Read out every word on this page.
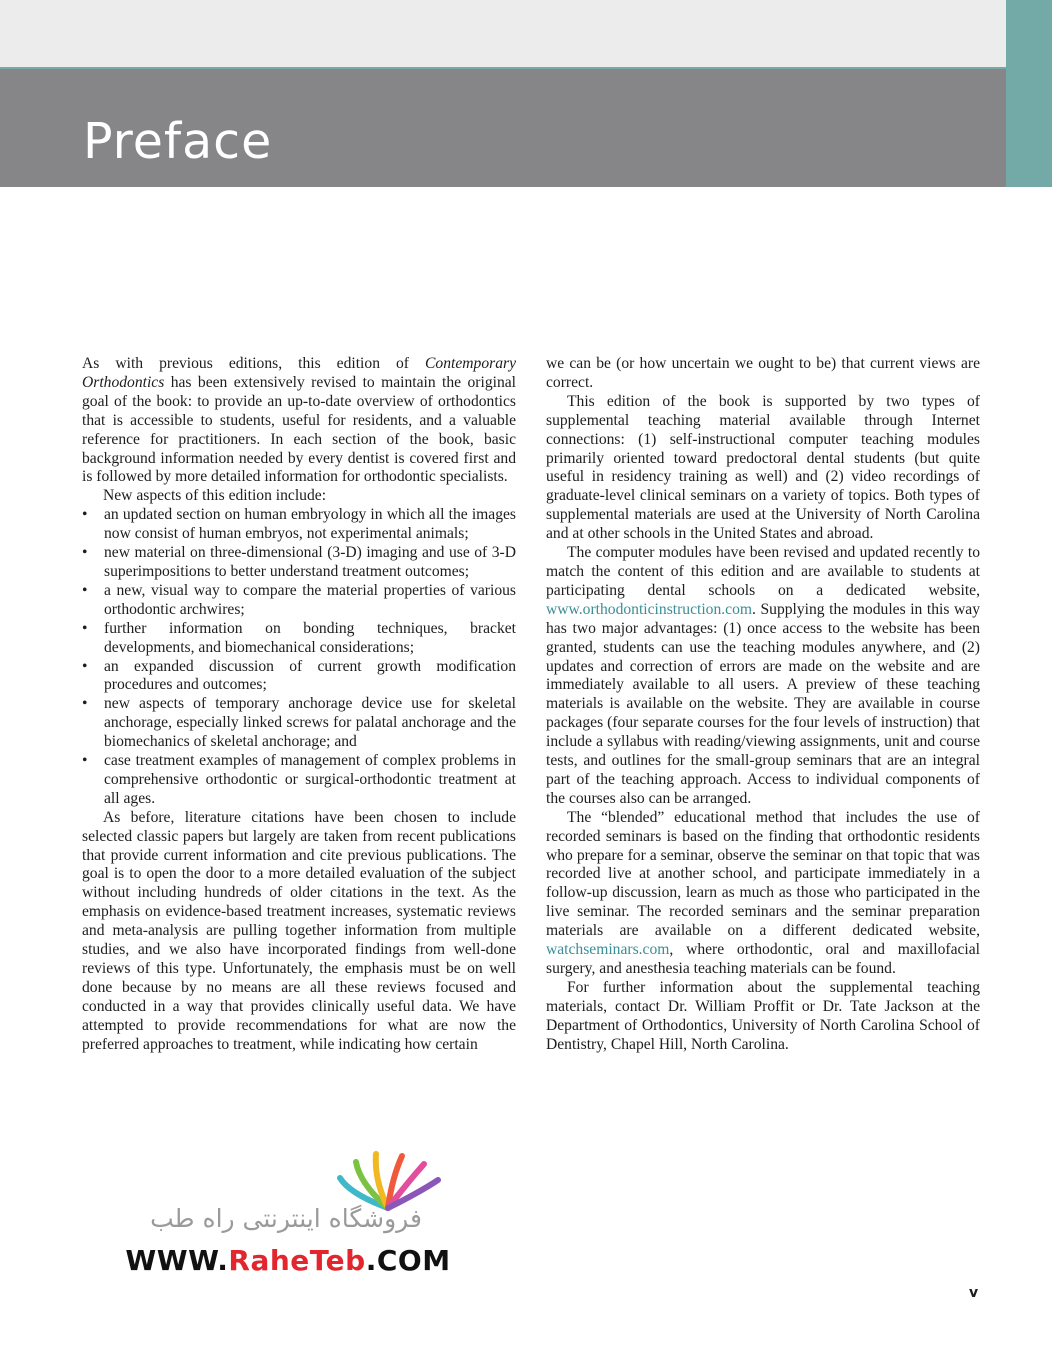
Preface

As with previous editions, this edition of Contemporary Orthodontics has been extensively revised to maintain the original goal of the book: to provide an up-to-date overview of orthodontics that is accessible to students, useful for residents, and a valuable reference for practitioners. In each section of the book, basic background information needed by every dentist is covered first and is followed by more detailed information for orthodontic specialists.

New aspects of this edition include:

• an updated section on human embryology in which all the images now consist of human embryos, not experimental animals;
• new material on three-dimensional (3-D) imaging and use of 3-D superimpositions to better understand treatment outcomes;
• a new, visual way to compare the material properties of various orthodontic archwires;
• further information on bonding techniques, bracket developments, and biomechanical considerations;
• an expanded discussion of current growth modification procedures and outcomes;
• new aspects of temporary anchorage device use for skeletal anchorage, especially linked screws for palatal anchorage and the biomechanics of skeletal anchorage; and
• case treatment examples of management of complex problems in comprehensive orthodontic or surgical-orthodontic treatment at all ages.

As before, literature citations have been chosen to include selected classic papers but largely are taken from recent publications that provide current information and cite previous publications. The goal is to open the door to a more detailed evaluation of the subject without including hundreds of older citations in the text. As the emphasis on evidence-based treatment increases, systematic reviews and meta-analysis are pulling together information from multiple studies, and we also have incorporated findings from well-done reviews of this type. Unfortunately, the emphasis must be on well done because by no means are all these reviews focused and conducted in a way that provides clinically useful data. We have attempted to provide recommendations for what are now the preferred approaches to treatment, while indicating how certain

we can be (or how uncertain we ought to be) that current views are correct.

This edition of the book is supported by two types of supplemental teaching material available through Internet connections: (1) self-instructional computer teaching modules primarily oriented toward predoctoral dental students (but quite useful in residency training as well) and (2) video recordings of graduate-level clinical seminars on a variety of topics. Both types of supplemental materials are used at the University of North Carolina and at other schools in the United States and abroad.

The computer modules have been revised and updated recently to match the content of this edition and are available to students at participating dental schools on a dedicated website, www.orthodonticinstruction.com. Supplying the modules in this way has two major advantages: (1) once access to the website has been granted, students can use the teaching modules anywhere, and (2) updates and correction of errors are made on the website and are immediately available to all users. A preview of these teaching materials is available on the website. They are available in course packages (four separate courses for the four levels of instruction) that include a syllabus with reading/viewing assignments, unit and course tests, and outlines for the small-group seminars that are an integral part of the teaching approach. Access to individual components of the courses also can be arranged.

The “blended” educational method that includes the use of recorded seminars is based on the finding that orthodontic residents who prepare for a seminar, observe the seminar on that topic that was recorded live at another school, and participate immediately in a follow-up discussion, learn as much as those who participated in the live seminar. The recorded seminars and the seminar preparation materials are available on a different dedicated website, watchseminars.com, where orthodontic, oral and maxillofacial surgery, and anesthesia teaching materials can be found.

For further information about the supplemental teaching materials, contact Dr. William Proffit or Dr. Tate Jackson at the Department of Orthodontics, University of North Carolina School of Dentistry, Chapel Hill, North Carolina.

فروشگاه اینترنتی راه طب
WWW.RaheTeb.COM
v
